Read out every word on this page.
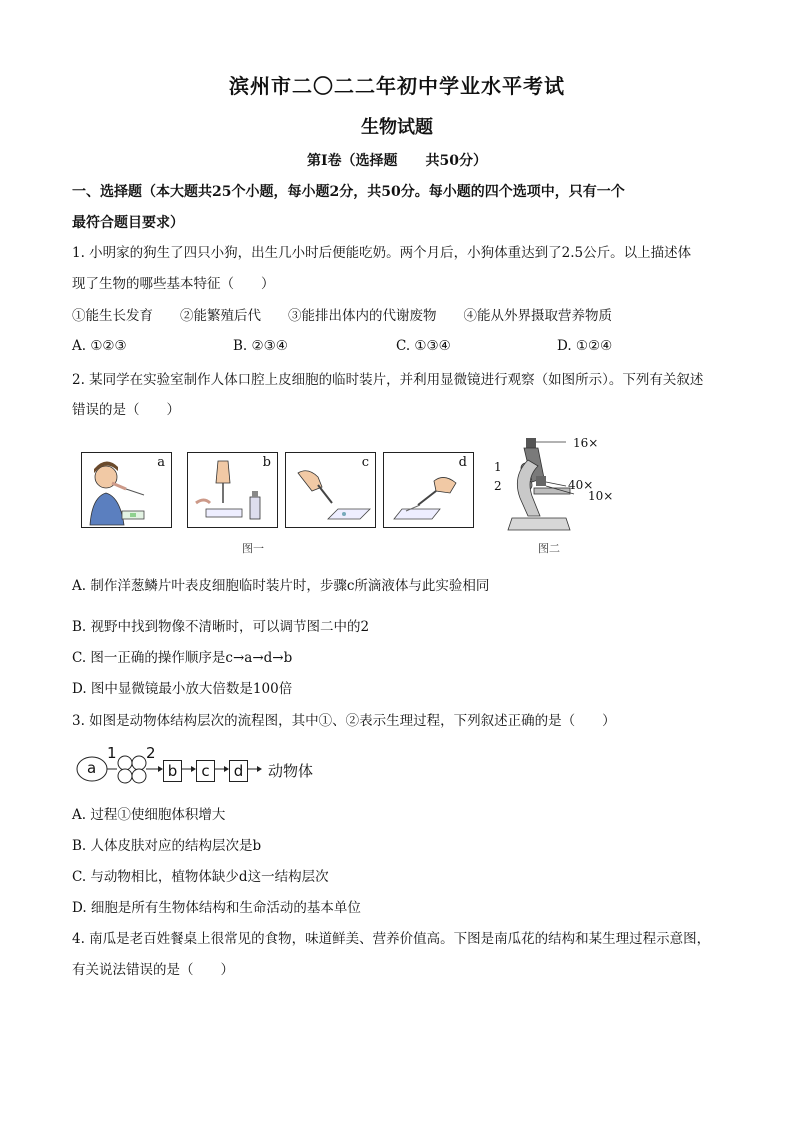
滨州市二〇二二年初中学业水平考试
生物试题
第Ⅰ卷（选择题　　共50分）
一、选择题（本大题共25个小题，每小题2分，共50分。每小题的四个选项中，只有一个
最符合题目要求）
1. 小明家的狗生了四只小狗，出生几小时后便能吃奶。两个月后，小狗体重达到了2.5公斤。以上描述体
现了生物的哪些基本特征（　　）
①能生长发育　　②能繁殖后代　　③能排出体内的代谢废物　　④能从外界摄取营养物质
A. ①②③	B. ②③④	C. ①③④	D. ①②④
2. 某同学在实验室制作人体口腔上皮细胞的临时装片，并利用显微镜进行观察（如图所示）。下列有关叙述
错误的是（　　）
a	b	c	d
图一
16×
1
2	40×
10×
图二
A. 制作洋葱鳞片叶表皮细胞临时装片时，步骤c所滴液体与此实验相同
B. 视野中找到物像不清晰时，可以调节图二中的2
C. 图一正确的操作顺序是c→a→d→b
D. 图中显微镜最小放大倍数是100倍
3. 如图是动物体结构层次的流程图，其中①、②表示生理过程，下列叙述正确的是（　　）
a
1 2
b	c	d	动物体
A. 过程①使细胞体积增大
B. 人体皮肤对应的结构层次是b
C. 与动物相比，植物体缺少d这一结构层次
D. 细胞是所有生物体结构和生命活动的基本单位
4. 南瓜是老百姓餐桌上很常见的食物，味道鲜美、营养价值高。下图是南瓜花的结构和某生理过程示意图，
有关说法错误的是（　　）
